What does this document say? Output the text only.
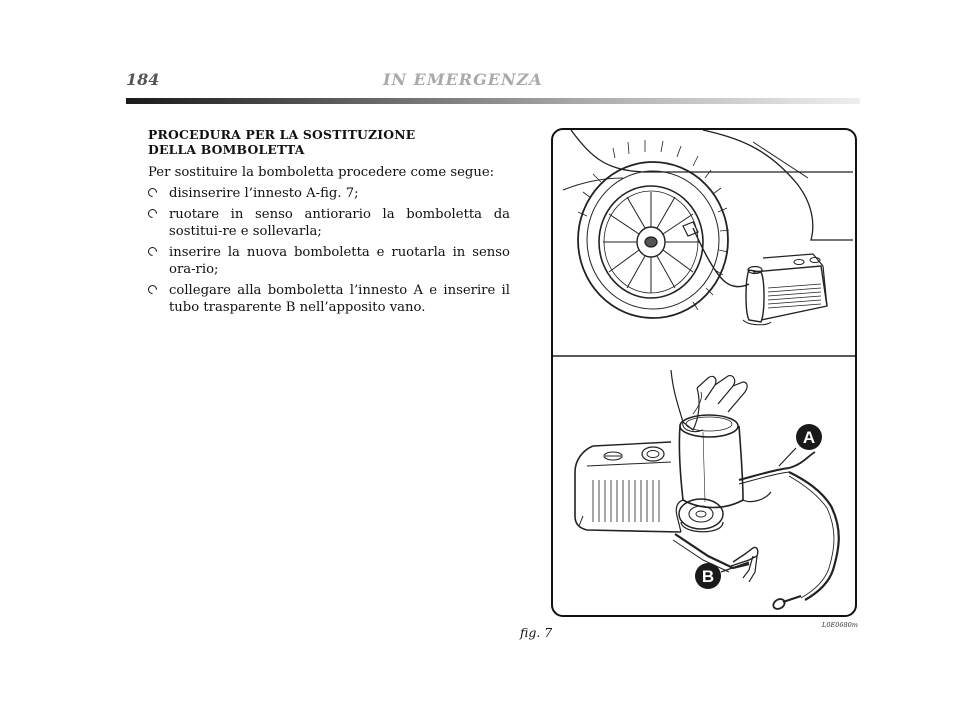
184	IN EMERGENZA
PROCEDURA PER LA SOSTITUZIONE
DELLA BOMBOLETTA

Per sostituire la bomboletta procedere come segue:

disinserire l’innesto A-fig. 7;
ruotare in senso antiorario la bomboletta da sostitui-re e sollevarla;
inserire la nuova bomboletta e ruotarla in senso ora-rio;
collegare alla bomboletta l’innesto A e inserire il tubo trasparente B nell’apposito vano.
A
B
fig. 7	L0E0680m
